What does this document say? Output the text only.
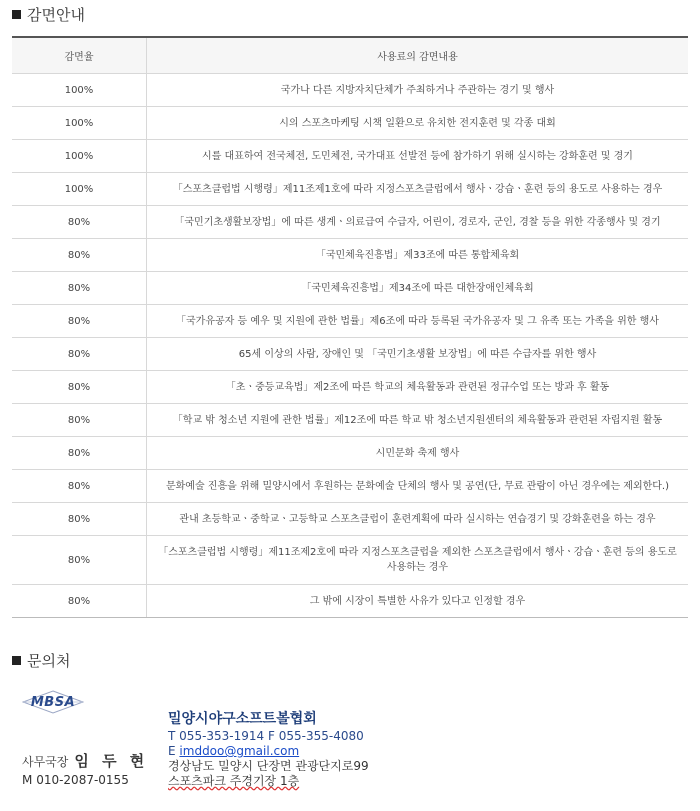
감면안내
감면율	사용료의 감면내용
100%	국가나 다른 지방자치단체가 주최하거나 주관하는 경기 및 행사
100%	시의 스포츠마케팅 시책 일환으로 유치한 전지훈련 및 각종 대회
100%	시를 대표하여 전국체전, 도민체전, 국가대표 선발전 등에 참가하기 위해 실시하는 강화훈련 및 경기
100%	「스포츠클럽법 시행령」제11조제1호에 따라 지정스포츠클럽에서 행사ㆍ강습ㆍ훈련 등의 용도로 사용하는 경우
80%	「국민기초생활보장법」에 따른 생계ㆍ의료급여 수급자, 어린이, 경로자, 군인, 경찰 등을 위한 각종행사 및 경기
80%	「국민체육진흥법」제33조에 따른 통합체육회
80%	「국민체육진흥법」제34조에 따른 대한장애인체육회
80%	「국가유공자 등 예우 및 지원에 관한 법률」제6조에 따라 등록된 국가유공자 및 그 유족 또는 가족을 위한 행사
80%	65세 이상의 사람, 장애인 및 「국민기초생활 보장법」에 따른 수급자를 위한 행사
80%	「초ㆍ중등교육법」제2조에 따른 학교의 체육활동과 관련된 정규수업 또는 방과 후 활동
80%	「학교 밖 청소년 지원에 관한 법률」제12조에 따른 학교 밖 청소년지원센터의 체육활동과 관련된 자립지원 활동
80%	시민문화 축제 행사
80%	문화예술 진흥을 위해 밀양시에서 후원하는 문화예술 단체의 행사 및 공연(단, 무료 관람이 아닌 경우에는 제외한다.)
80%	관내 초등학교ㆍ중학교ㆍ고등학교 스포츠클럽이 훈련계획에 따라 실시하는 연습경기 및 강화훈련을 하는 경우
80%	「스포츠클럽법 시행령」제11조제2호에 따라 지정스포츠클럽을 제외한 스포츠클럽에서 행사ㆍ강습ㆍ훈련 등의 용도로 사용하는 경우
80%	그 밖에 시장이 특별한 사유가 있다고 인정할 경우
문의처
MBSA
사무국장 임 두 현
M 010-2087-0155
밀양시야구소프트볼협회
T 055-353-1914 F 055-355-4080
E imddoo@gmail.com
경상남도 밀양시 단장면 관광단지로99
스포츠파크 주경기장 1층
